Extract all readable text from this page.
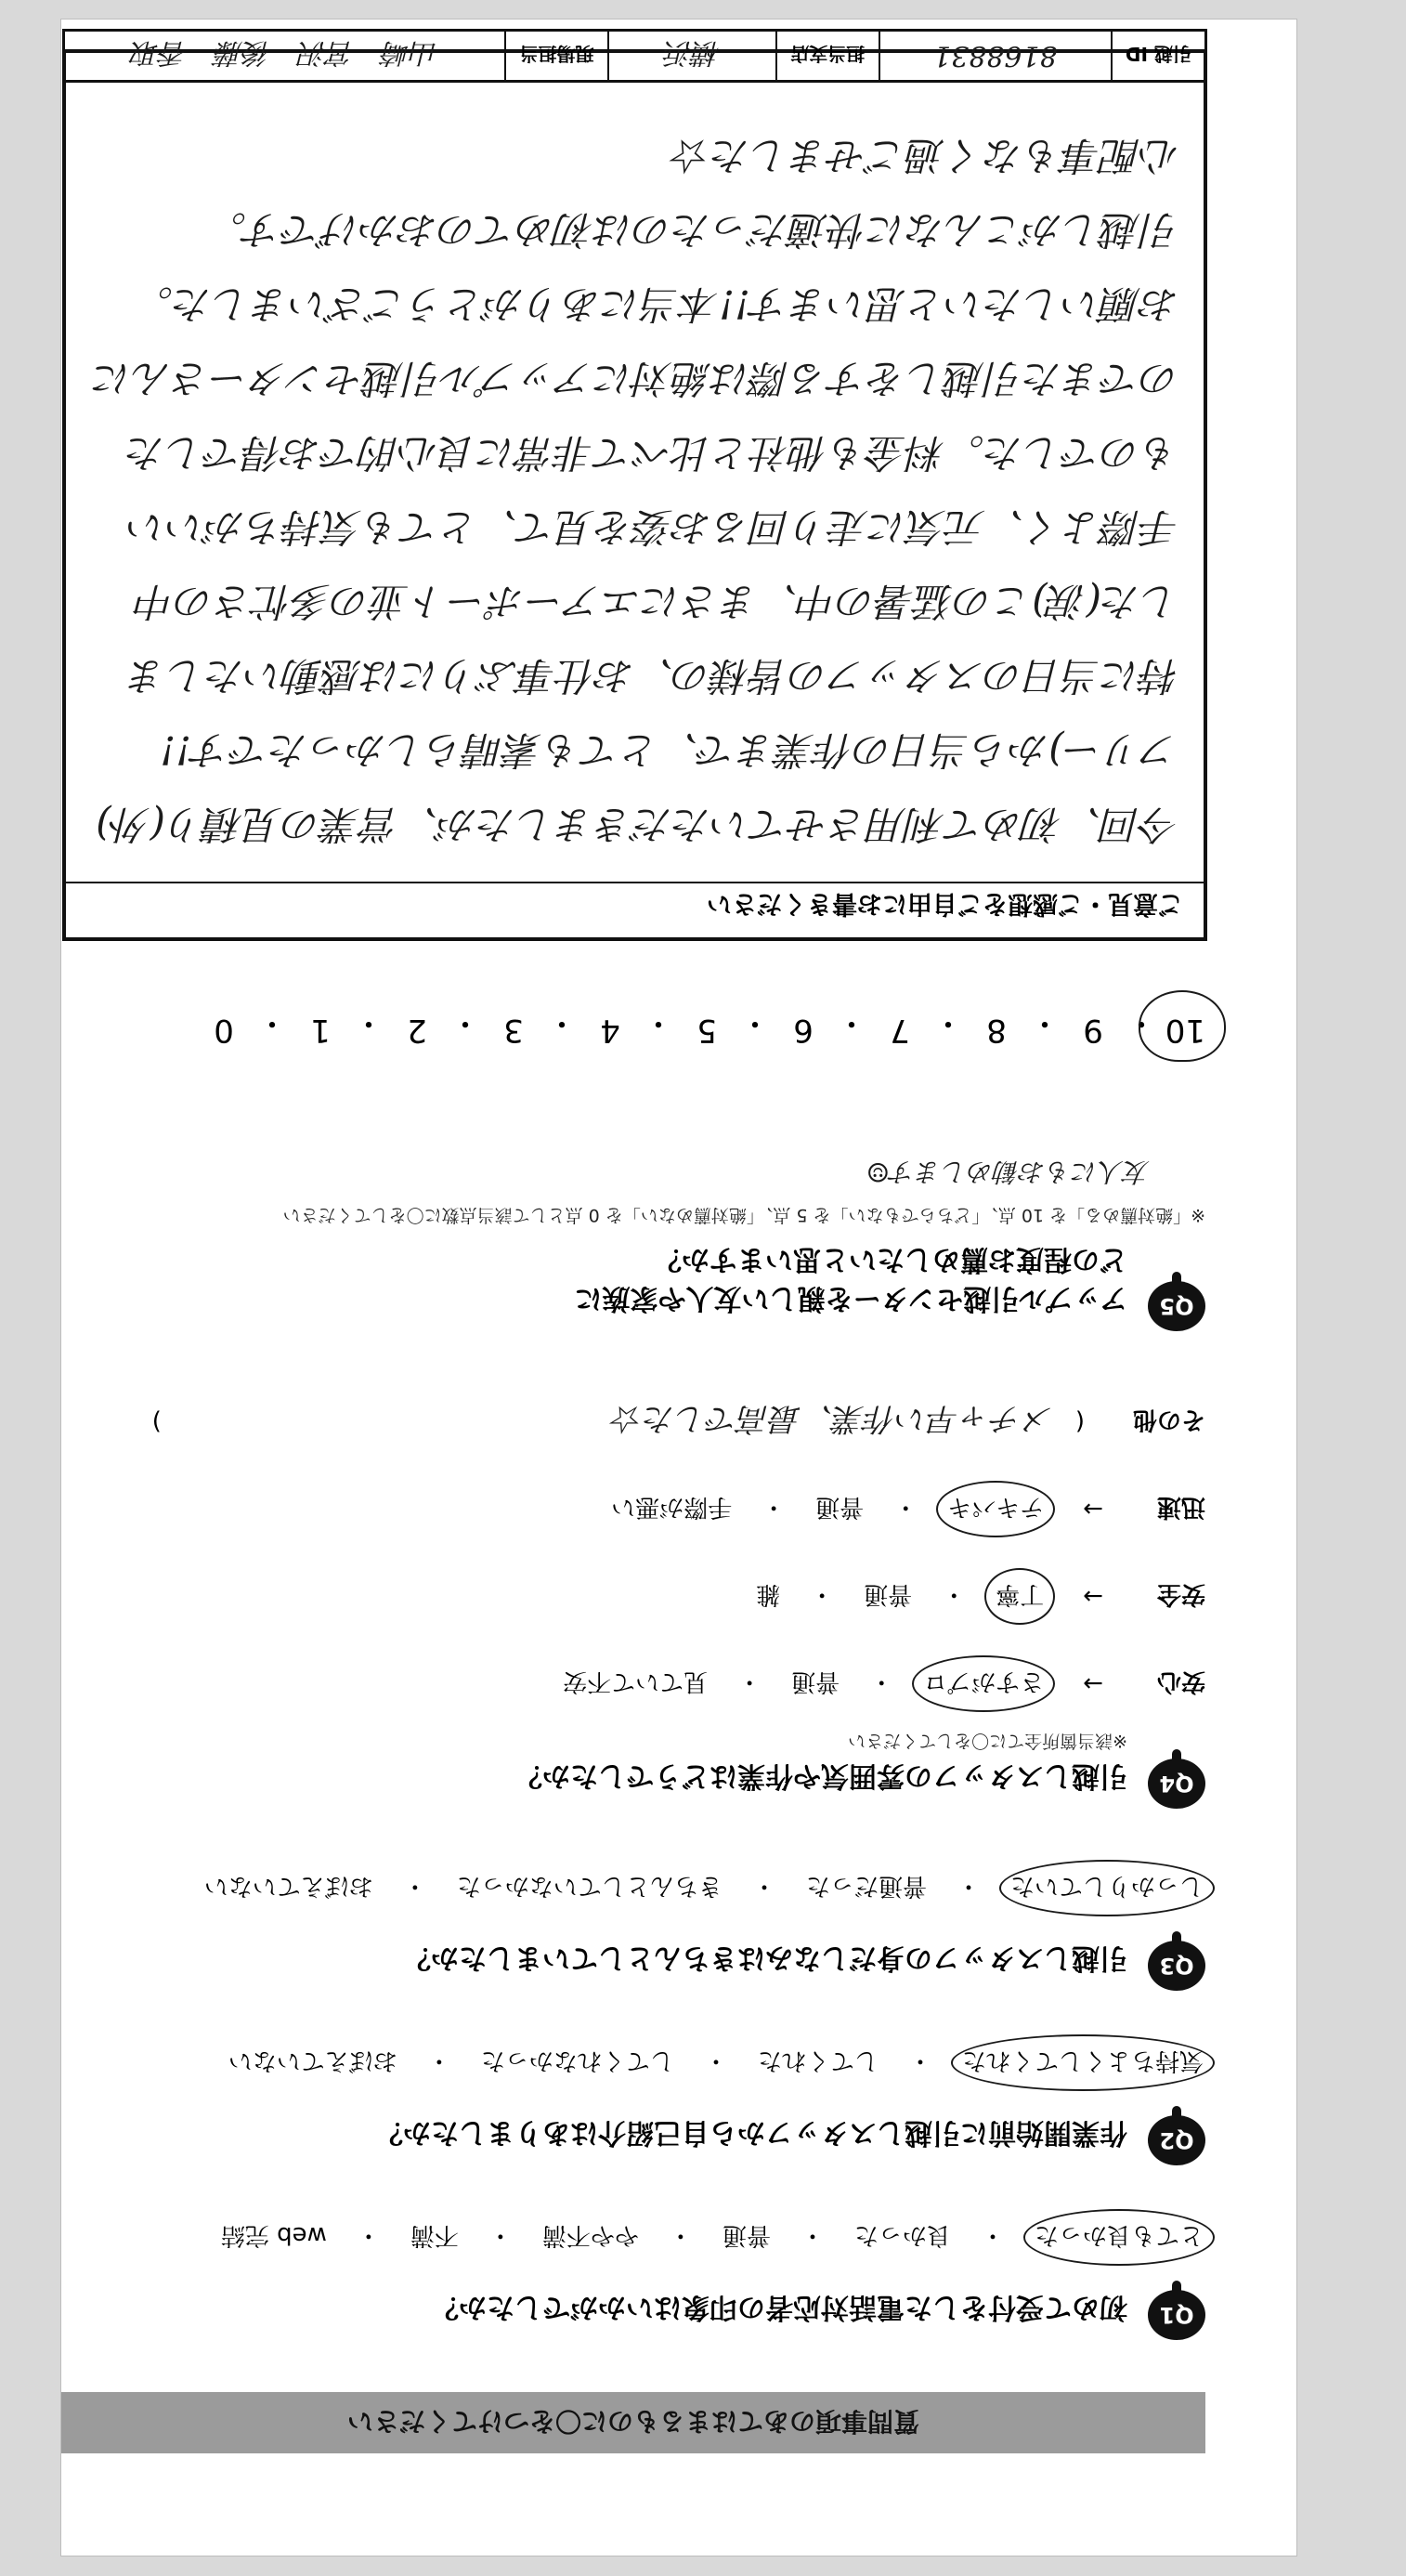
質問事項のあてはまるものに〇をつけてください
Q1
初めて受付をした電話対応者の印象はいかがでしたか？
とても良かった
・
良かった
・
普通
・
やや不満
・
不満
・
web 完結
Q2
作業開始前に引越しスタッフから自己紹介はありましたか？
気持ちよくしてくれた
・
してくれた
・
してくれなかった
・
おぼえていない
Q3
引越しスタッフの身だしなみはきちんとしていましたか？
しっかりしていた
・
普通だった
・
きちんとしていなかった
・
おぼえていない
Q4
引越しスタッフの雰囲気や作業はどうでしたか？
※該当箇所全てに〇をしてください
安心
→
さすがプロ
・
普通
・
見ていて不安
安全
→
丁寧
・
普通
・
雑
迅速
→
テキパキ
・
普通
・
手際が悪い
その他
(
メチャ早い作業、最高でした☆
)
Q5
アップル引越センターを親しい友人や家族に
どの程度お薦めしたいと思いますか？
※「絶対薦める」を 10 点、「どちらでもない」を 5 点、「絶対薦めない」を 0 点として該当点数に〇をしてください
友人にもお勧めします☺
10
・
9
・
8
・
7
・
6
・
5
・
4
・
3
・
2
・
1
・
0
ご意見・ご感想をご自由にお書きください
今回、初めて利用させていただきましたが、営業の見積り(外)
フリー)から当日の作業まで、とても素晴らしかったです!!
特に当日のスタッフの皆様の、お仕事ぶりには感動いたしま
した(涙)この猛暑の中、まさにエアーポート並の多忙さの中
手際よく、元気に走り回るお姿を見て、とても気持ちがいい
ものでした。料金も他社と比べて非常に良心的でお得でした
のでまた引越しをする際は絶対にアップル引越センターさんに
お願いしたいと思います!!本当にありがとうございました。
引越しがこんなに快適だったのは初めてのおかげです。
心配事もなく過ごせました☆
引越 ID
8168831
担当支店
横浜
現場担当
山崎　宮沢　後藤　香取
